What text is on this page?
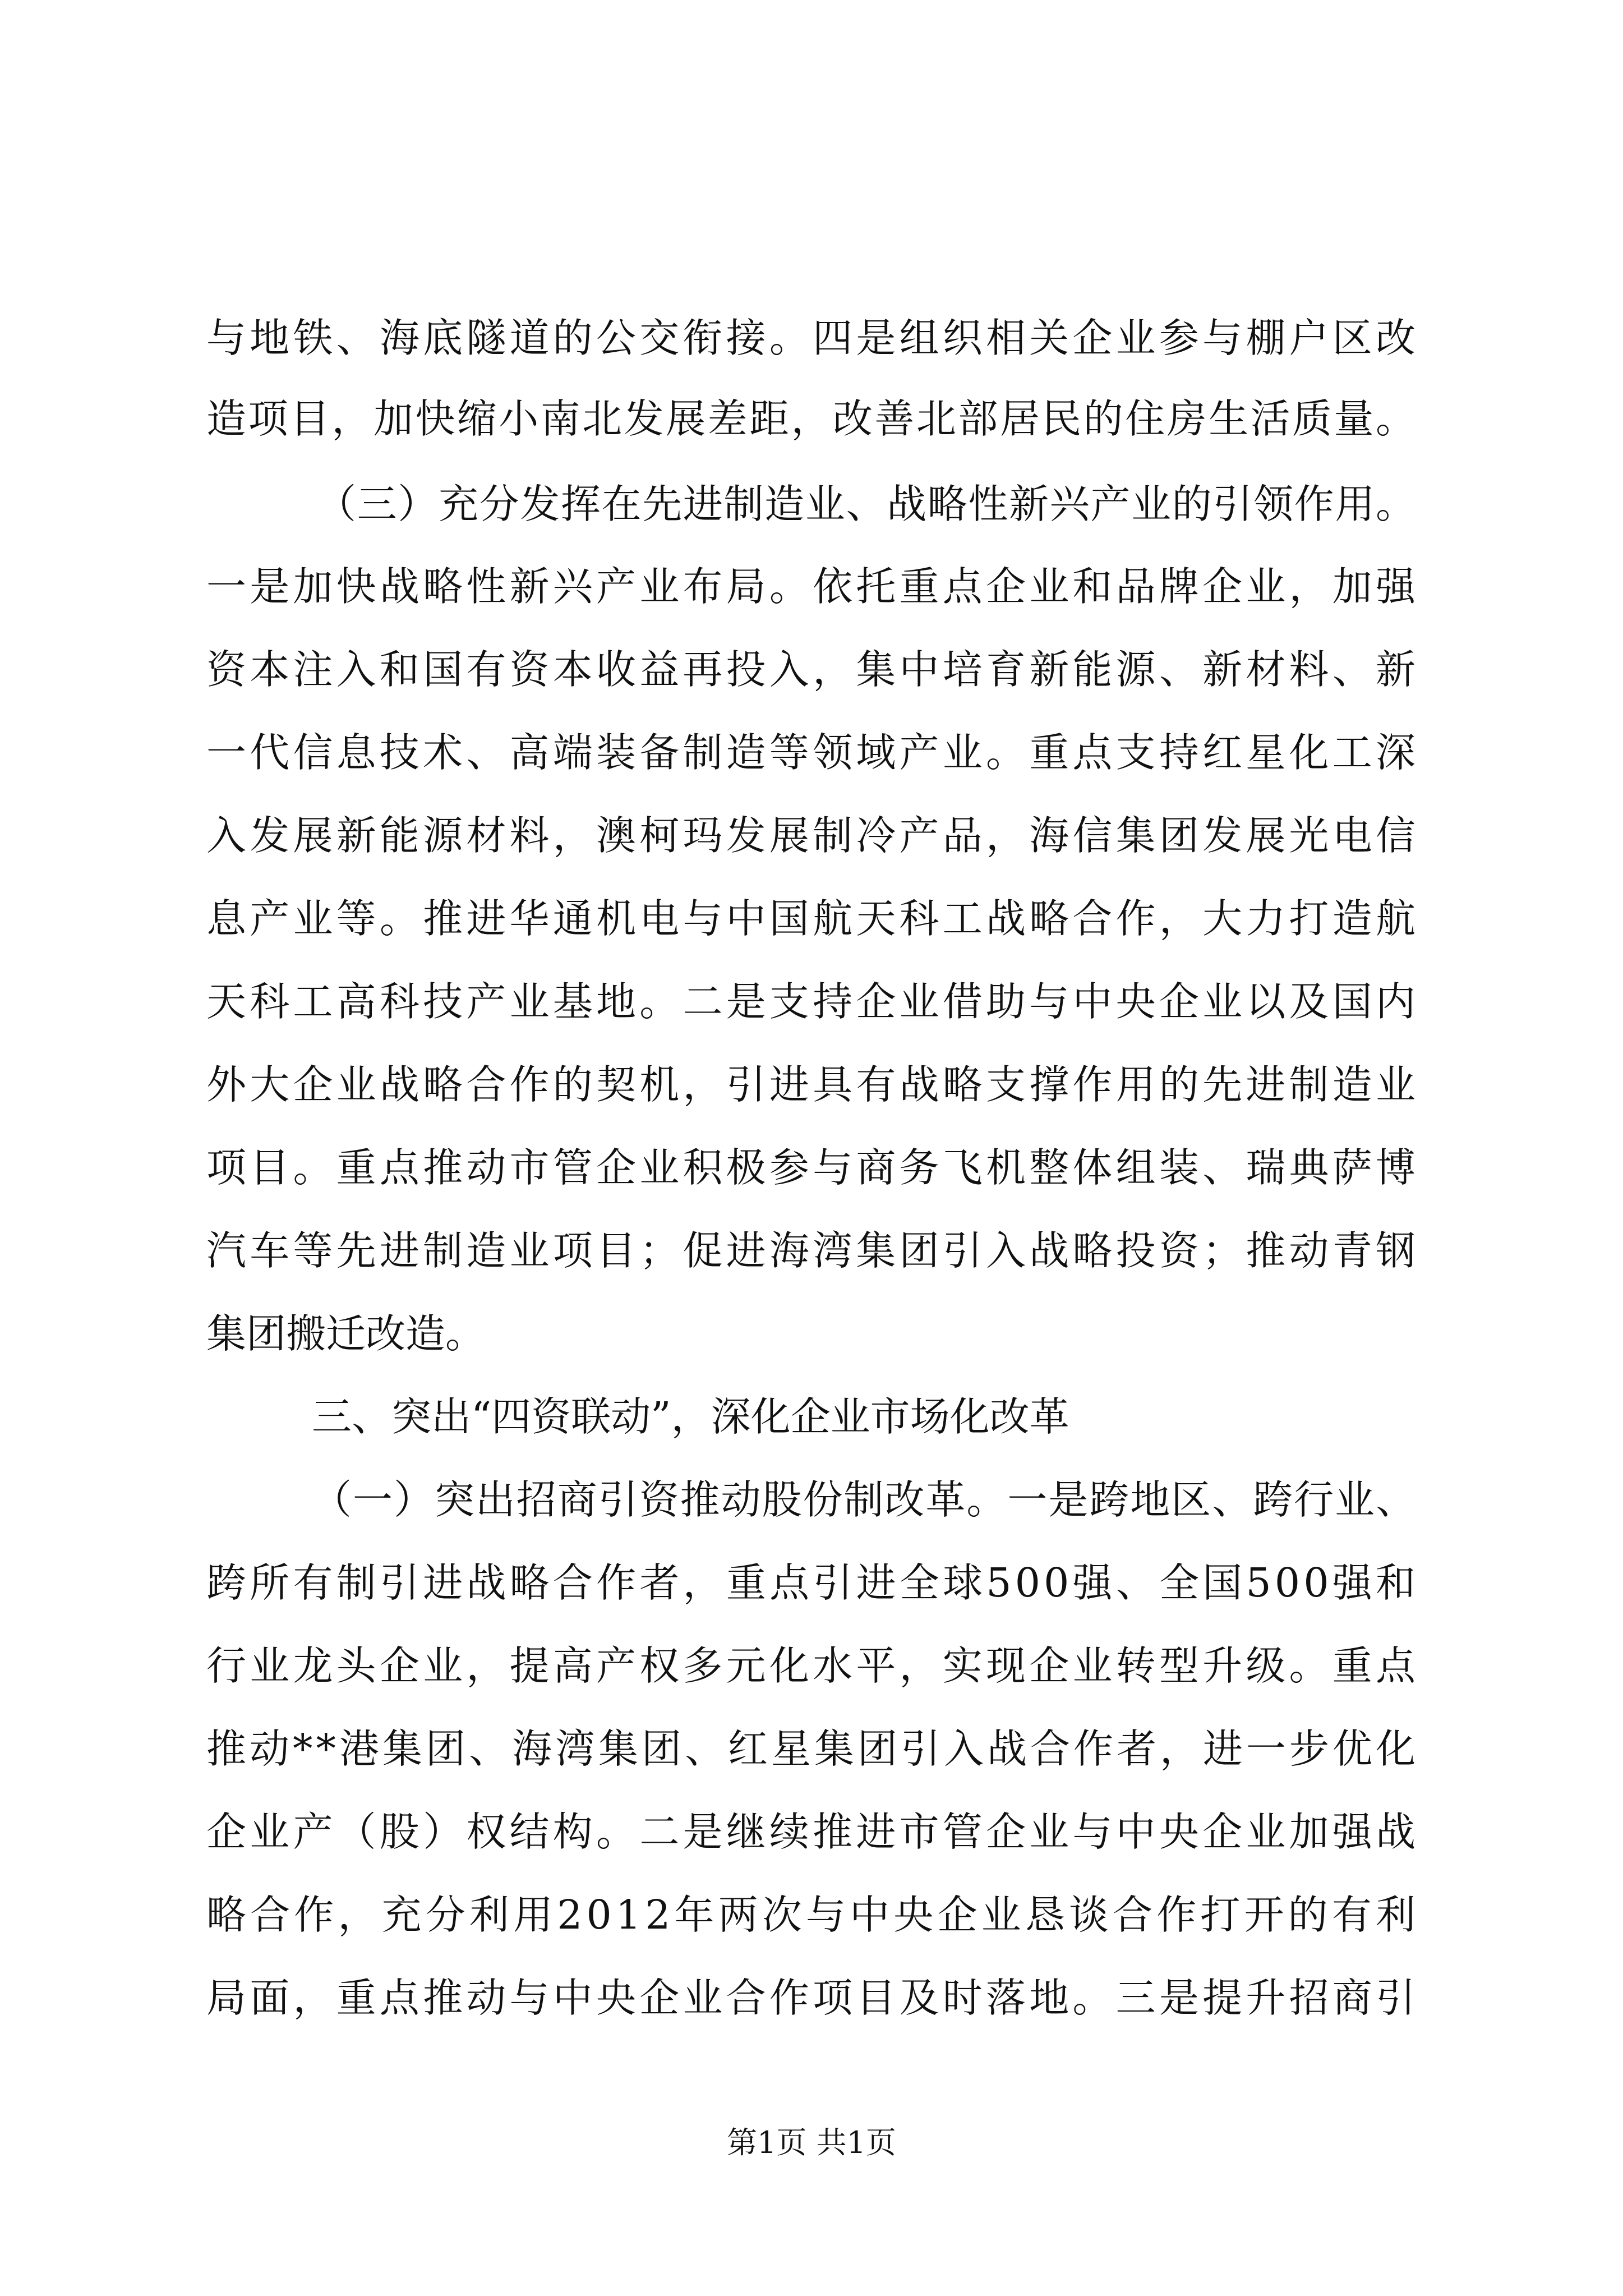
与地铁、海底隧道的公交衔接。四是组织相关企业参与棚户区改
造项目，加快缩小南北发展差距，改善北部居民的住房生活质量。
（三）充分发挥在先进制造业、战略性新兴产业的引领作用。
一是加快战略性新兴产业布局。依托重点企业和品牌企业，加强
资本注入和国有资本收益再投入，集中培育新能源、新材料、新
一代信息技术、高端装备制造等领域产业。重点支持红星化工深
入发展新能源材料，澳柯玛发展制冷产品，海信集团发展光电信
息产业等。推进华通机电与中国航天科工战略合作，大力打造航
天科工高科技产业基地。二是支持企业借助与中央企业以及国内
外大企业战略合作的契机，引进具有战略支撑作用的先进制造业
项目。重点推动市管企业积极参与商务飞机整体组装、瑞典萨博
汽车等先进制造业项目；促进海湾集团引入战略投资；推动青钢
集团搬迁改造。
三、突出“四资联动”，深化企业市场化改革
（一）突出招商引资推动股份制改革。一是跨地区、跨行业、
跨所有制引进战略合作者，重点引进全球500强、全国500强和
行业龙头企业，提高产权多元化水平，实现企业转型升级。重点
推动**港集团、海湾集团、红星集团引入战合作者，进一步优化
企业产（股）权结构。二是继续推进市管企业与中央企业加强战
略合作，充分利用2012年两次与中央企业恳谈合作打开的有利
局面，重点推动与中央企业合作项目及时落地。三是提升招商引
第1页 共1页
